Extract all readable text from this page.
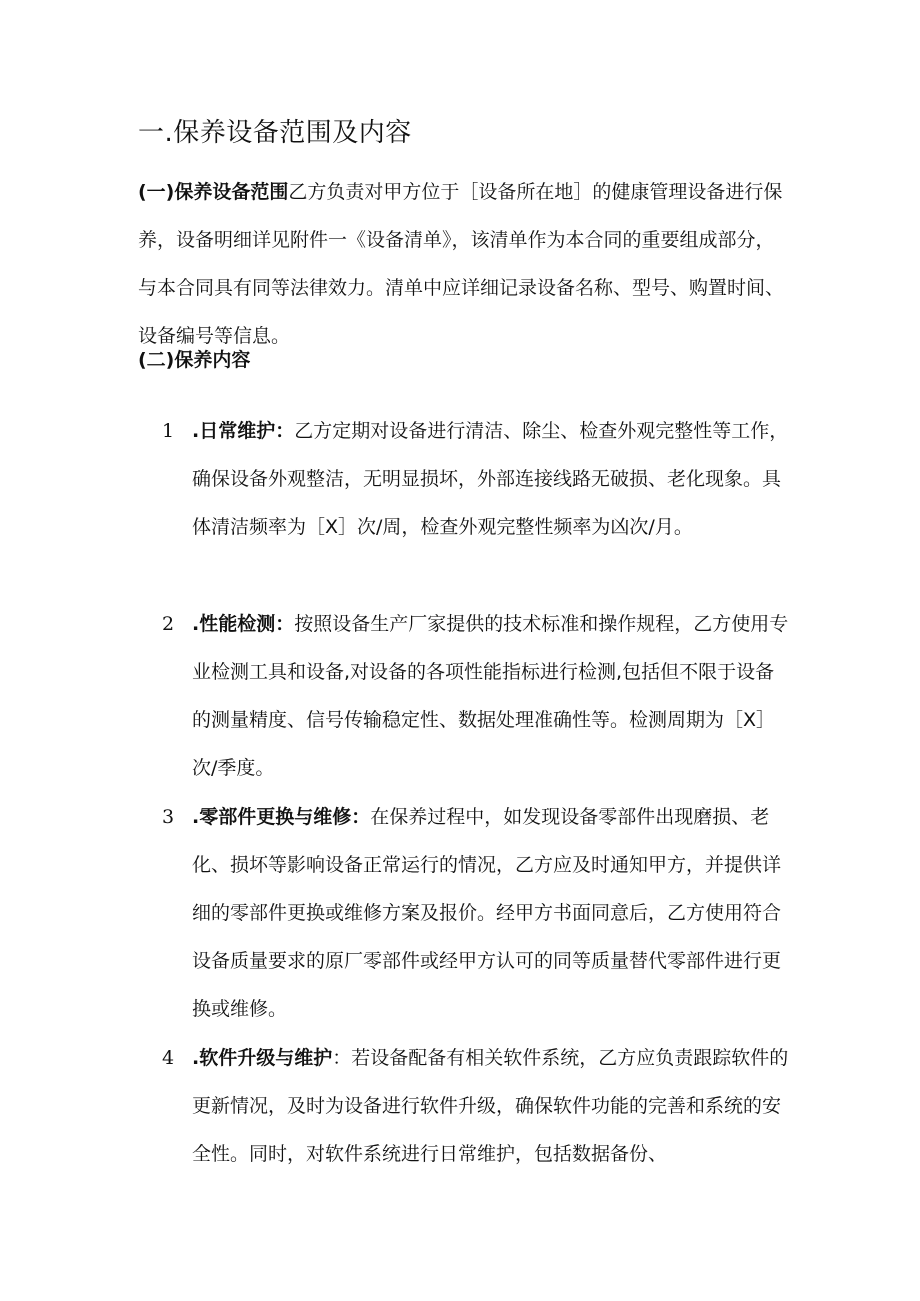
一.保养设备范围及内容

(一)保养设备范围乙方负责对甲方位于［设备所在地］的健康管理设备进行保养，设备明细详见附件一《设备清单》，该清单作为本合同的重要组成部分，与本合同具有同等法律效力。清单中应详细记录设备名称、型号、购置时间、设备编号等信息。

(二)保养内容
1 .日常维护：乙方定期对设备进行清洁、除尘、检查外观完整性等工作，确保设备外观整洁，无明显损坏，外部连接线路无破损、老化现象。具体清洁频率为［X］次/周，检查外观完整性频率为凶次/月。
2 .性能检测：按照设备生产厂家提供的技术标准和操作规程，乙方使用专业检测工具和设备,对设备的各项性能指标进行检测,包括但不限于设备的测量精度、信号传输稳定性、数据处理准确性等。检测周期为［X］次/季度。
3 .零部件更换与维修：在保养过程中，如发现设备零部件出现磨损、老化、损坏等影响设备正常运行的情况，乙方应及时通知甲方，并提供详细的零部件更换或维修方案及报价。经甲方书面同意后，乙方使用符合设备质量要求的原厂零部件或经甲方认可的同等质量替代零部件进行更换或维修。
4 .软件升级与维护：若设备配备有相关软件系统，乙方应负责跟踪软件的更新情况，及时为设备进行软件升级，确保软件功能的完善和系统的安全性。同时，对软件系统进行日常维护，包括数据备份、
